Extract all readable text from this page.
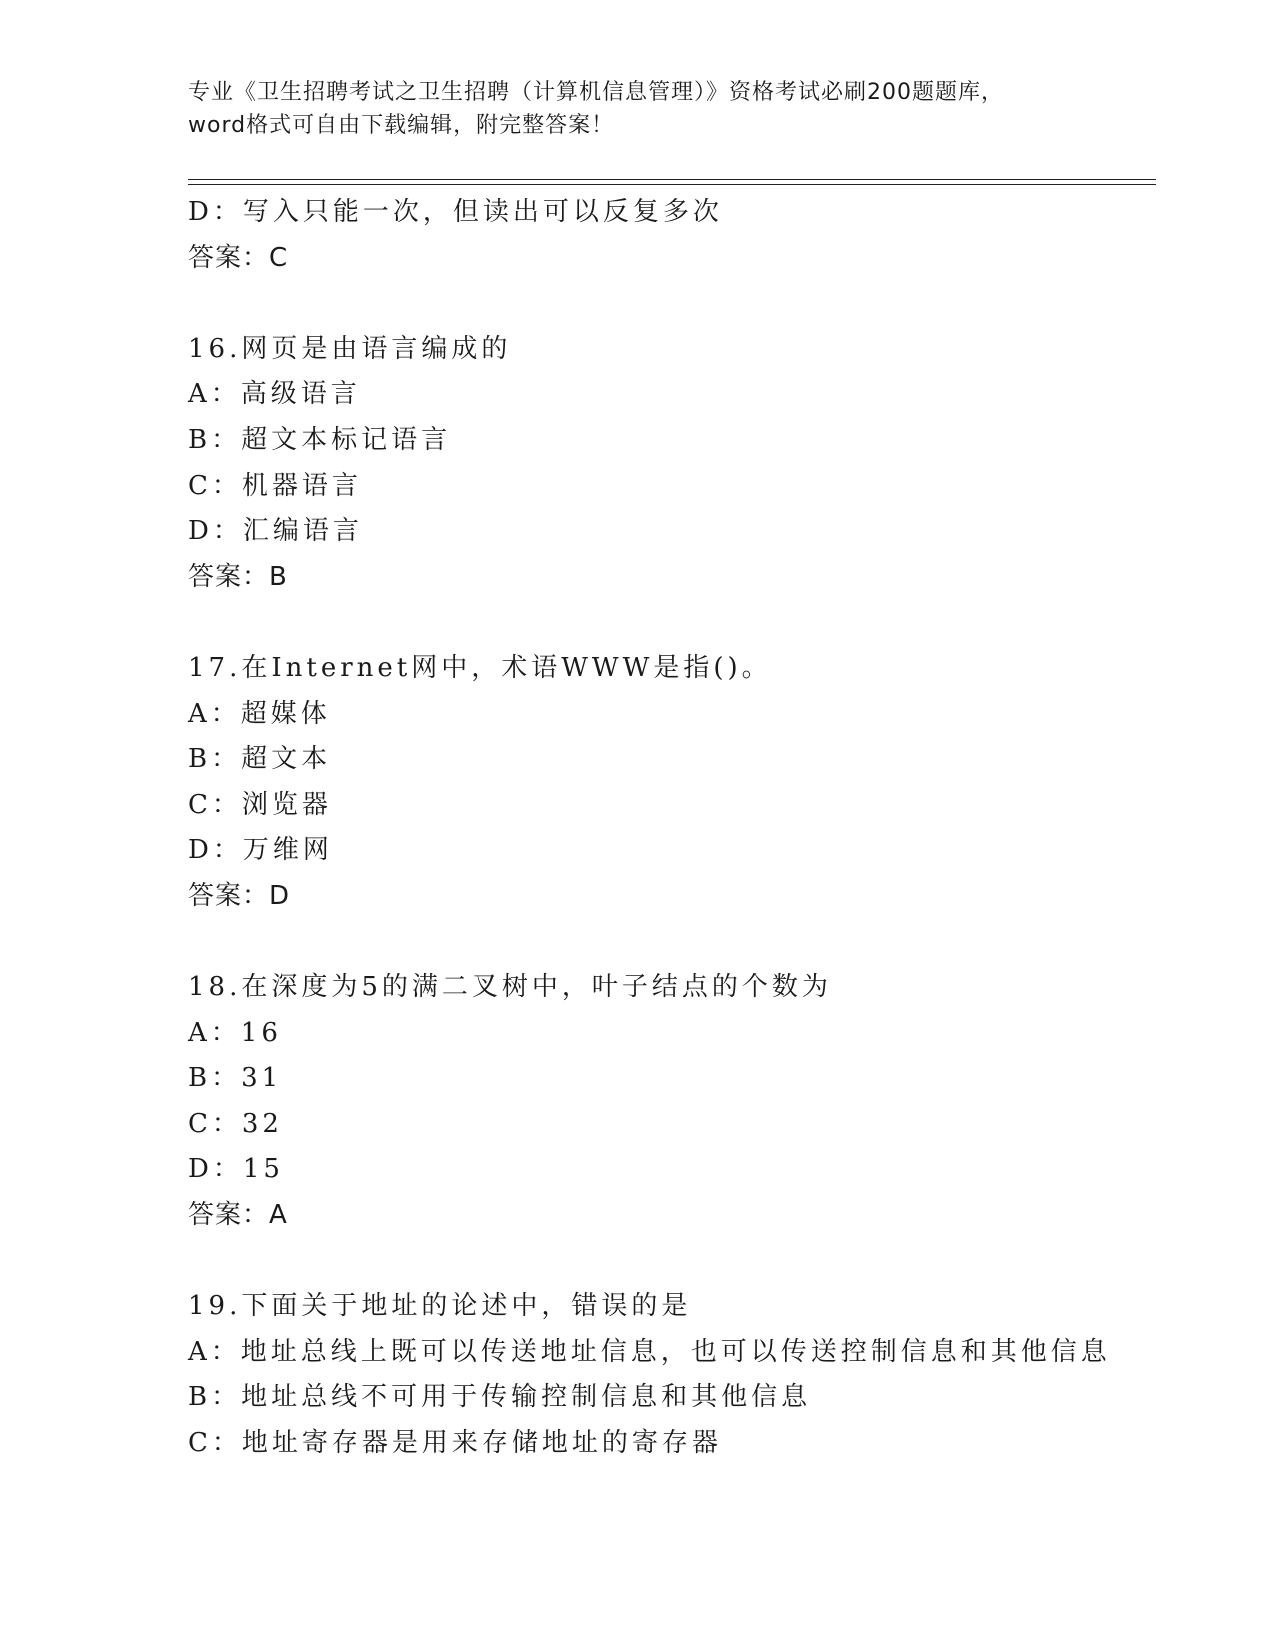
专业《卫生招聘考试之卫生招聘（计算机信息管理）》资格考试必刷200题题库，
word格式可自由下载编辑，附完整答案！
D：写入只能一次，但读出可以反复多次
答案：C
16.网页是由语言编成的
A：高级语言
B：超文本标记语言
C：机器语言
D：汇编语言
答案：B
17.在Internet网中，术语WWW是指()。
A：超媒体
B：超文本
C：浏览器
D：万维网
答案：D
18.在深度为5的满二叉树中，叶子结点的个数为
A：16
B：31
C：32
D：15
答案：A
19.下面关于地址的论述中，错误的是
A：地址总线上既可以传送地址信息，也可以传送控制信息和其他信息
B：地址总线不可用于传输控制信息和其他信息
C：地址寄存器是用来存储地址的寄存器
